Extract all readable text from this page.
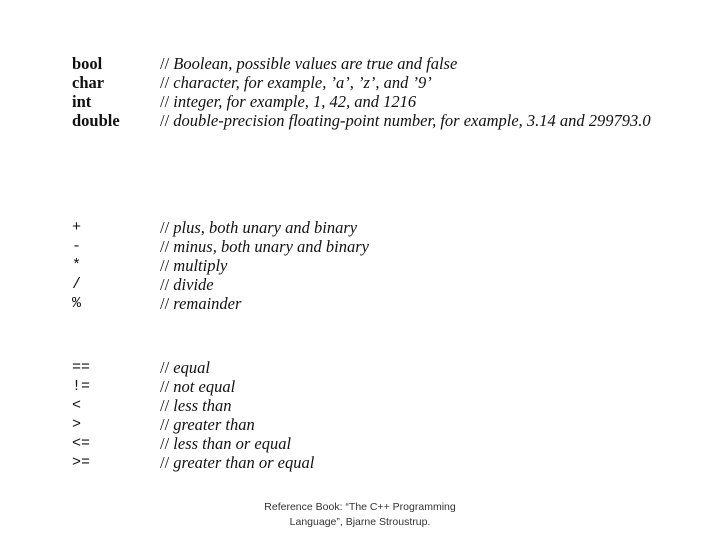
bool	// Boolean, possible values are true and false
char	// character, for example, ’a’, ’z’, and ’9’
int	// integer, for example, 1, 42, and 1216
double // double-precision floating-point number, for example, 3.14 and 299793.0
+	// plus, both unary and binary
-	// minus, both unary and binary
*	// multiply
/	// divide
%	// remainder
==	// equal
!=	// not equal
<	// less than
>	// greater than
<=	// less than or equal
>=	// greater than or equal
Reference Book: “The C++ Programming
Language”, Bjarne Stroustrup.
